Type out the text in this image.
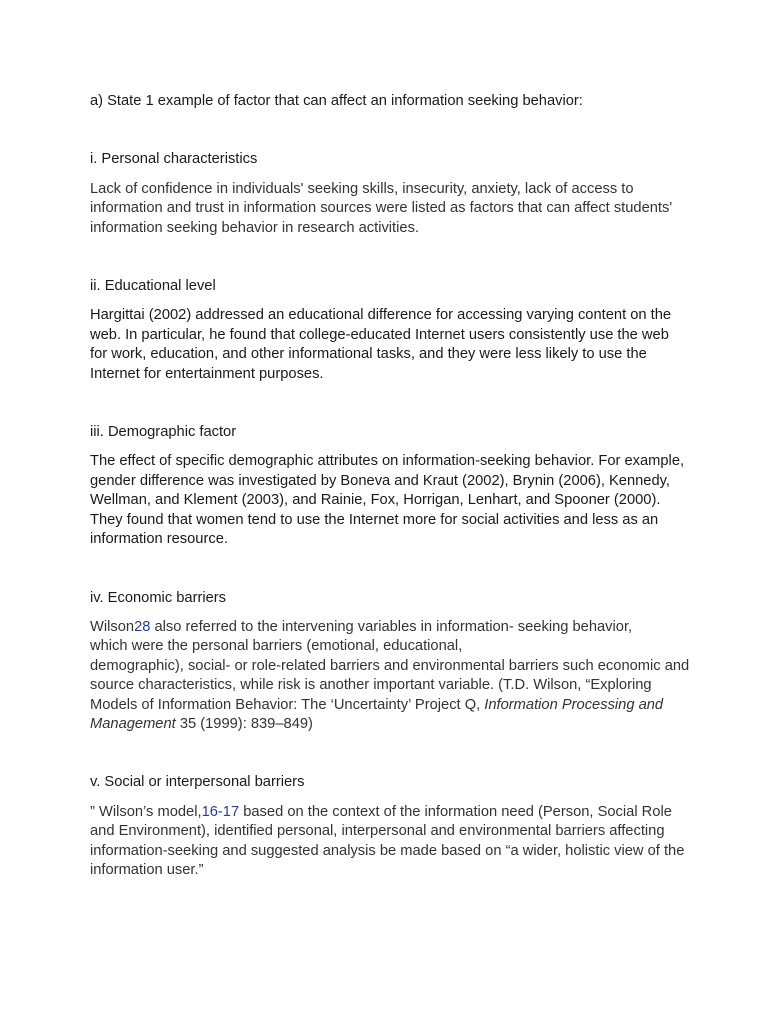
a) State 1 example of factor that can affect an information seeking behavior:

i. Personal characteristics

Lack of confidence in individuals' seeking skills, insecurity, anxiety, lack of access to information and trust in information sources were listed as factors that can affect students' information seeking behavior in research activities.

ii. Educational level

Hargittai (2002) addressed an educational difference for accessing varying content on the web. In particular, he found that college-educated Internet users consistently use the web for work, education, and other informational tasks, and they were less likely to use the Internet for entertainment purposes.

iii. Demographic factor

The effect of specific demographic attributes on information-seeking behavior. For example, gender difference was investigated by Boneva and Kraut (2002), Brynin (2006), Kennedy, Wellman, and Klement (2003), and Rainie, Fox, Horrigan, Lenhart, and Spooner (2000). They found that women tend to use the Internet more for social activities and less as an information resource.

iv. Economic barriers

Wilson28 also referred to the intervening variables in information- seeking behavior,
which were the personal barriers (emotional, educational,
demographic), social- or role-related barriers and environmental barriers such economic and source characteristics, while risk is another important variable. (T.D. Wilson, “Exploring Models of Information Behavior: The ‘Uncertainty’ Project Q, Information Processing and Management 35 (1999): 839–849)

v. Social or interpersonal barriers

” Wilson’s model,16-17 based on the context of the information need (Person, Social Role and Environment), identified personal, interpersonal and environmental barriers affecting information-seeking and suggested analysis be made based on “a wider, holistic view of the information user.”
